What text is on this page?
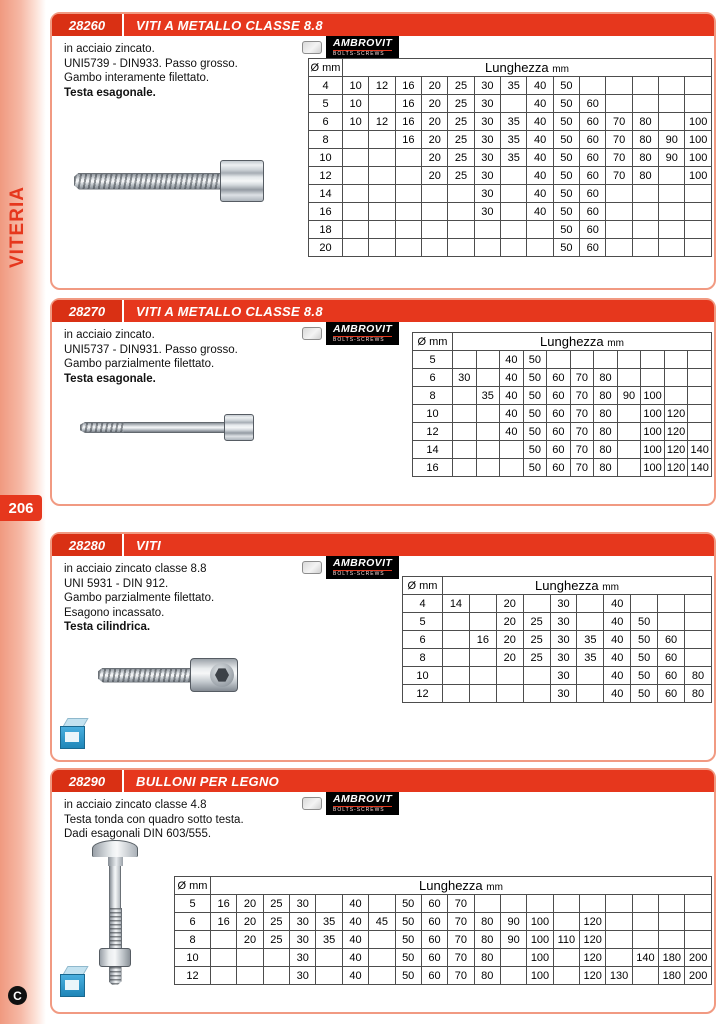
VITERIA
206
C
28260	VITI A METALLO CLASSE 8.8
in acciaio zincato.
UNI5739 - DIN933. Passo grosso.
Gambo interamente filettato.
Testa esagonale.
AMBROVIT
BOLTS-SCREWS
Ø mm	Lunghezza mm													
4	10	12	16	20	25	30	35	40	50					
5	10		16	20	25	30		40	50	60				
6	10	12	16	20	25	30	35	40	50	60	70	80		100
8			16	20	25	30	35	40	50	60	70	80	90	100
10				20	25	30	35	40	50	60	70	80	90	100
12				20	25	30		40	50	60	70	80		100
14						30		40	50	60				
16						30		40	50	60				
18									50	60				
20									50	60				
28270	VITI A METALLO CLASSE 8.8
in acciaio zincato.
UNI5737 - DIN931. Passo grosso.
Gambo parzialmente filettato.
Testa esagonale.
AMBROVIT
BOLTS-SCREWS	Ø mm	Lunghezza mm										
5			40	50							
6	30		40	50	60	70	80				
8		35	40	50	60	70	80	90	100		
10			40	50	60	70	80		100	120	
12			40	50	60	70	80		100	120	
14				50	60	70	80		100	120	140
16				50	60	70	80		100	120	140
28280	VITI
in acciaio zincato classe 8.8
UNI 5931 - DIN 912.
Gambo parzialmente filettato.
Esagono incassato.
Testa cilindrica.
AMBROVIT
BOLTS-SCREWS
Ø mm	Lunghezza mm									
4	14		20		30		40			
5			20	25	30		40	50		
6		16	20	25	30	35	40	50	60	
8			20	25	30	35	40	50	60	
10					30		40	50	60	80
12					30		40	50	60	80
28290	BULLONI PER LEGNO
in acciaio zincato classe 4.8
Testa tonda con quadro sotto testa.
Dadi esagonali DIN 603/555.
AMBROVIT
BOLTS-SCREWS
Ø mm	Lunghezza mm																		
5	16	20	25	30		40		50	60	70									
6	16	20	25	30	35	40	45	50	60	70	80	90	100		120				
8		20	25	30	35	40		50	60	70	80	90	100	110	120				
10				30		40		50	60	70	80		100		120		140	180	200
12				30		40		50	60	70	80		100		120	130		180	200
